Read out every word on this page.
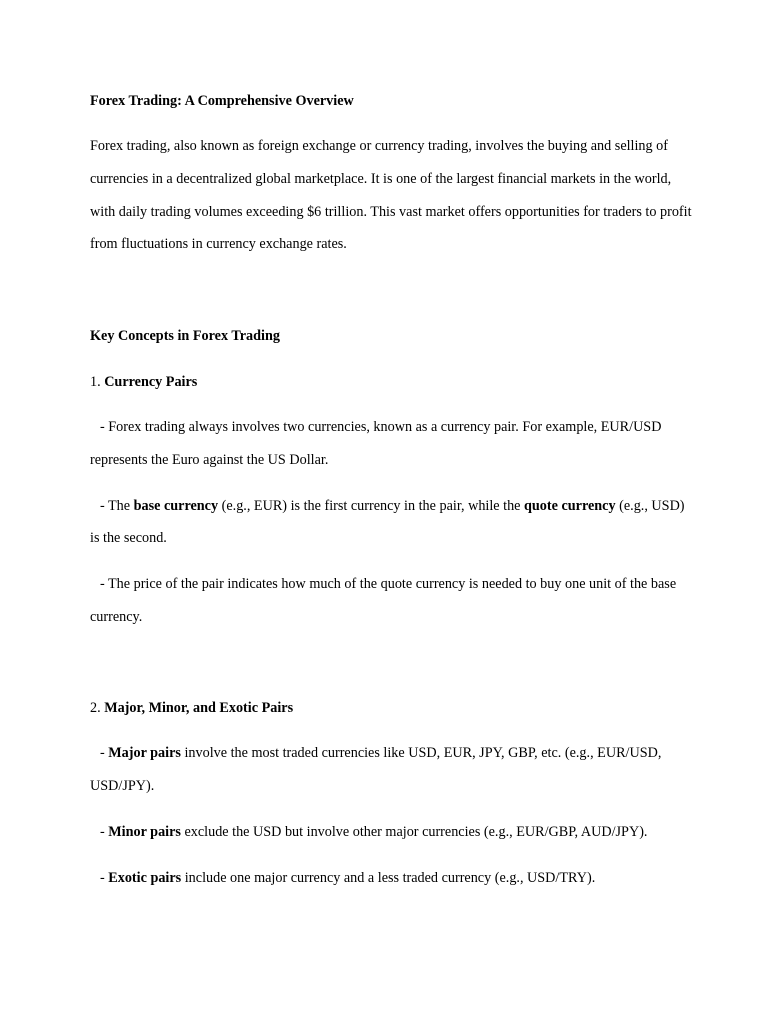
Forex Trading: A Comprehensive Overview
Forex trading, also known as foreign exchange or currency trading, involves the buying and selling of
currencies in a decentralized global marketplace. It is one of the largest financial markets in the world,
with daily trading volumes exceeding $6 trillion. This vast market offers opportunities for traders to profit
from fluctuations in currency exchange rates.
Key Concepts in Forex Trading
1. Currency Pairs
- Forex trading always involves two currencies, known as a currency pair. For example, EUR/USD
represents the Euro against the US Dollar.
- The base currency (e.g., EUR) is the first currency in the pair, while the quote currency (e.g., USD)
is the second.
- The price of the pair indicates how much of the quote currency is needed to buy one unit of the base
currency.
2. Major, Minor, and Exotic Pairs
- Major pairs involve the most traded currencies like USD, EUR, JPY, GBP, etc. (e.g., EUR/USD,
USD/JPY).
- Minor pairs exclude the USD but involve other major currencies (e.g., EUR/GBP, AUD/JPY).
- Exotic pairs include one major currency and a less traded currency (e.g., USD/TRY).
